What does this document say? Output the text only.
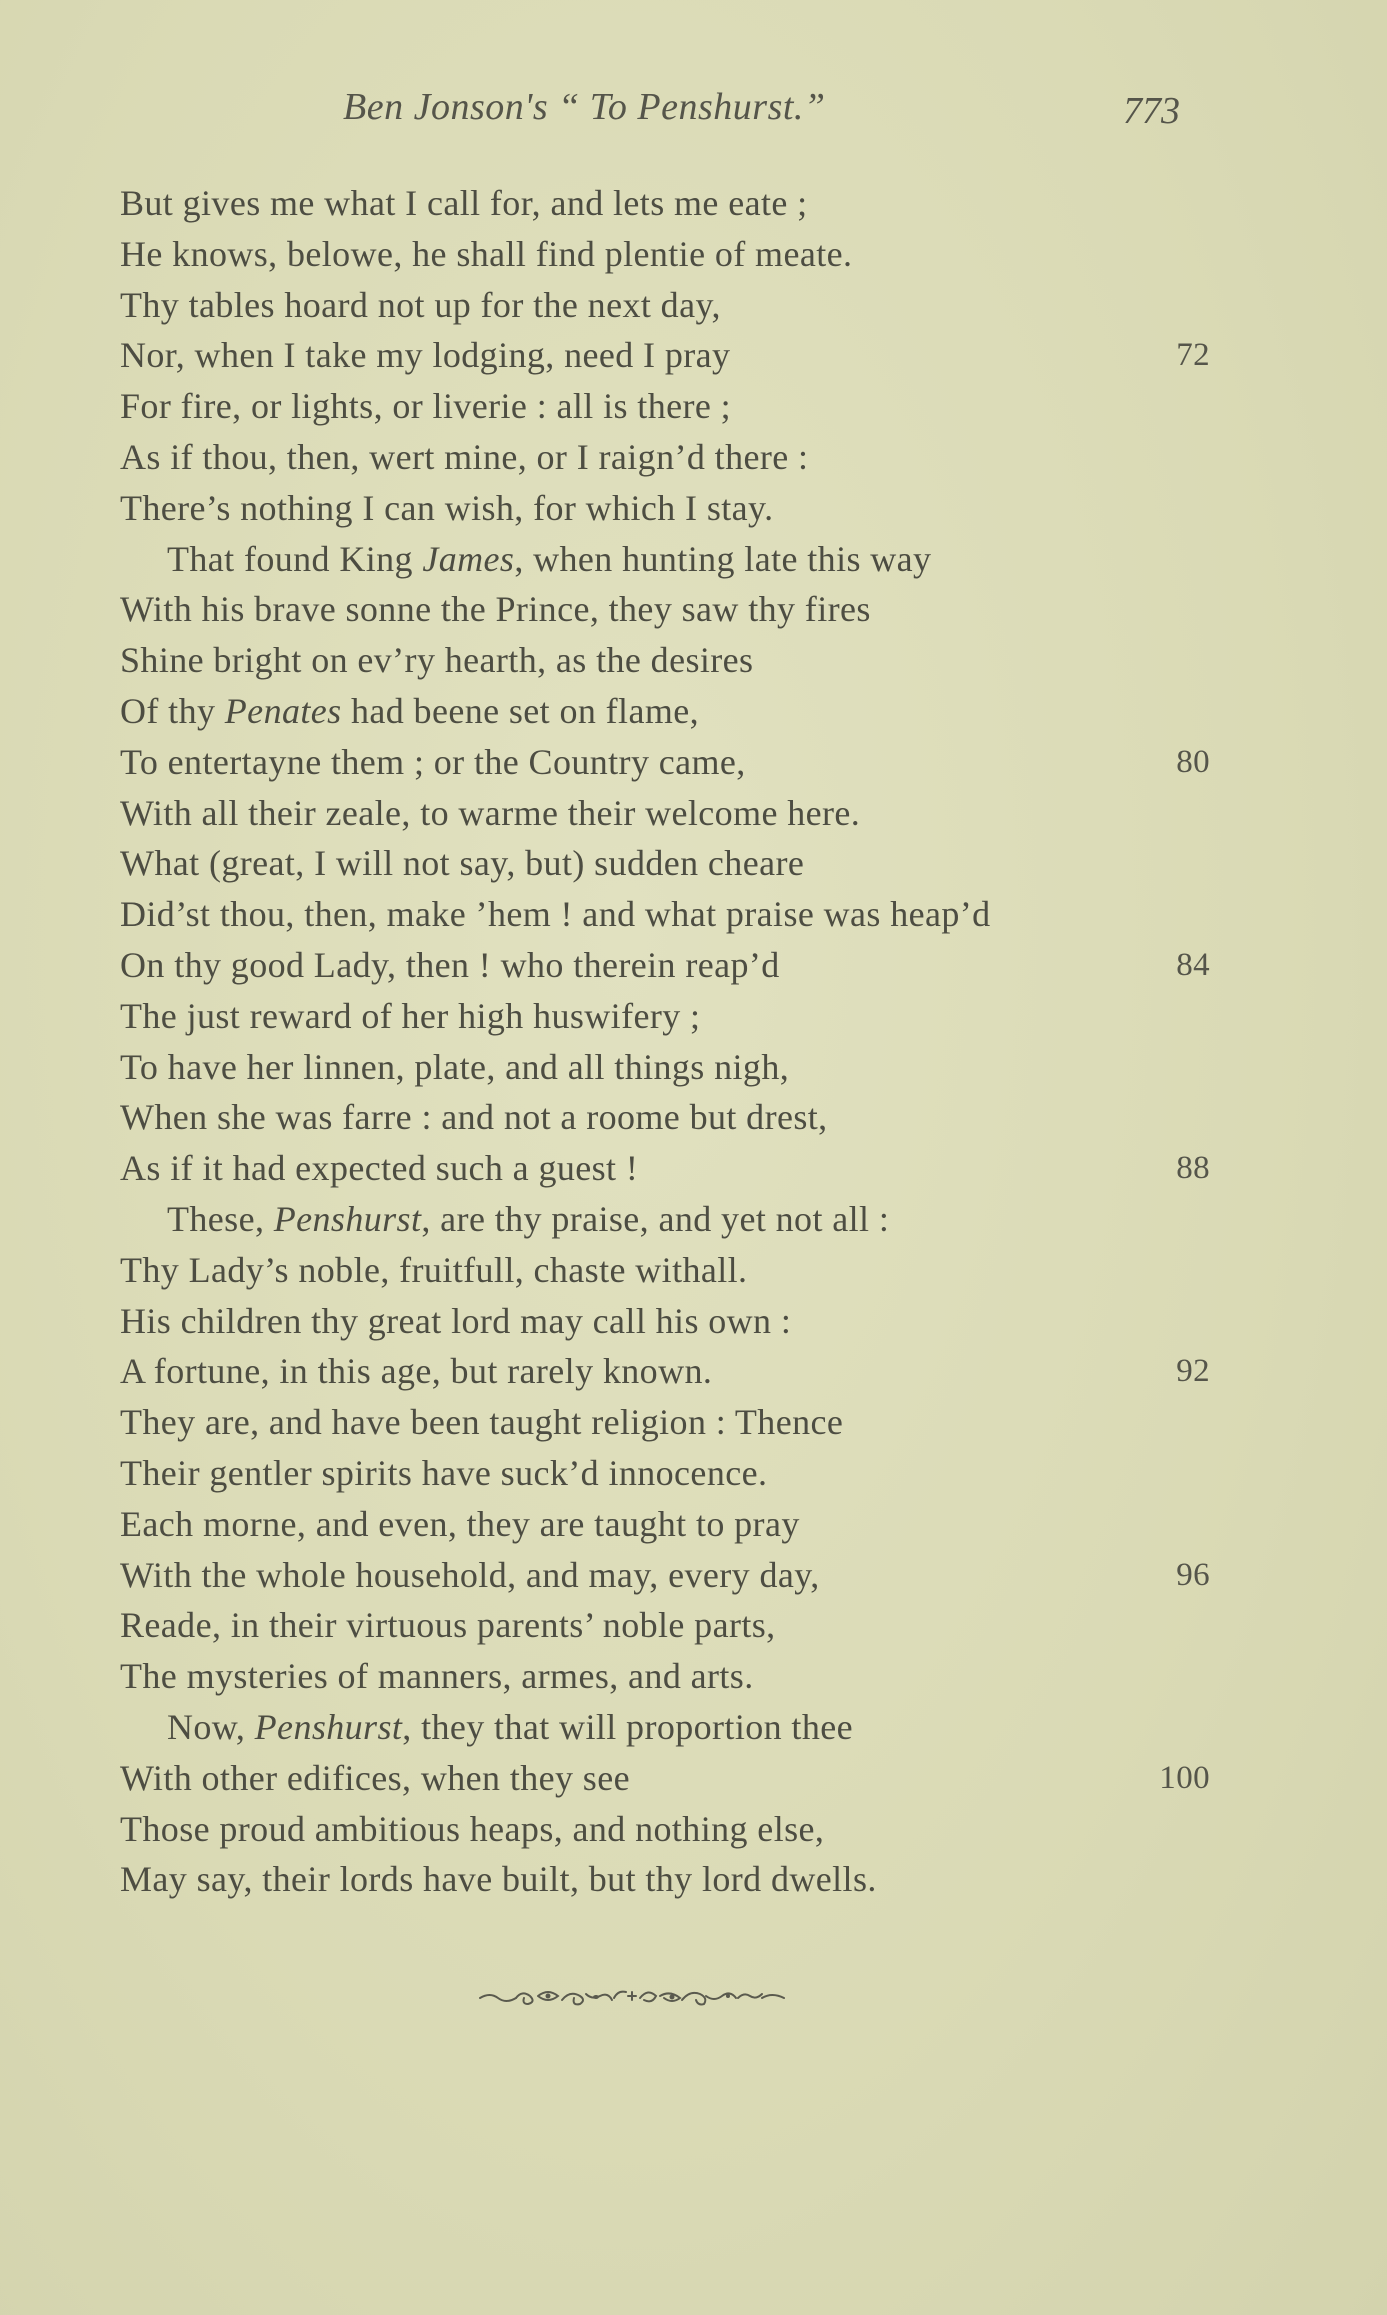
Ben Jonson's “ To Penshurst.”	773
But gives me what I call for, and lets me eate ;
He knows, belowe, he shall find plentie of meate.
Thy tables hoard not up for the next day,
Nor, when I take my lodging, need I pray	72
For fire, or lights, or liverie : all is there ;
As if thou, then, wert mine, or I raign’d there :
There’s nothing I can wish, for which I stay.
That found King James, when hunting late this way
With his brave sonne the Prince, they saw thy fires
Shine bright on ev’ry hearth, as the desires
Of thy Penates had beene set on flame,
To entertayne them ; or the Country came,	80
With all their zeale, to warme their welcome here.
What (great, I will not say, but) sudden cheare
Did’st thou, then, make ’hem ! and what praise was heap’d
On thy good Lady, then ! who therein reap’d	84
The just reward of her high huswifery ;
To have her linnen, plate, and all things nigh,
When she was farre : and not a roome but drest,
As if it had expected such a guest !	88
These, Penshurst, are thy praise, and yet not all :
Thy Lady’s noble, fruitfull, chaste withall.
His children thy great lord may call his own :
A fortune, in this age, but rarely known.	92
They are, and have been taught religion : Thence
Their gentler spirits have suck’d innocence.
Each morne, and even, they are taught to pray
With the whole household, and may, every day,	96
Reade, in their virtuous parents’ noble parts,
The mysteries of manners, armes, and arts.
Now, Penshurst, they that will proportion thee
With other edifices, when they see	100
Those proud ambitious heaps, and nothing else,
May say, their lords have built, but thy lord dwells.
